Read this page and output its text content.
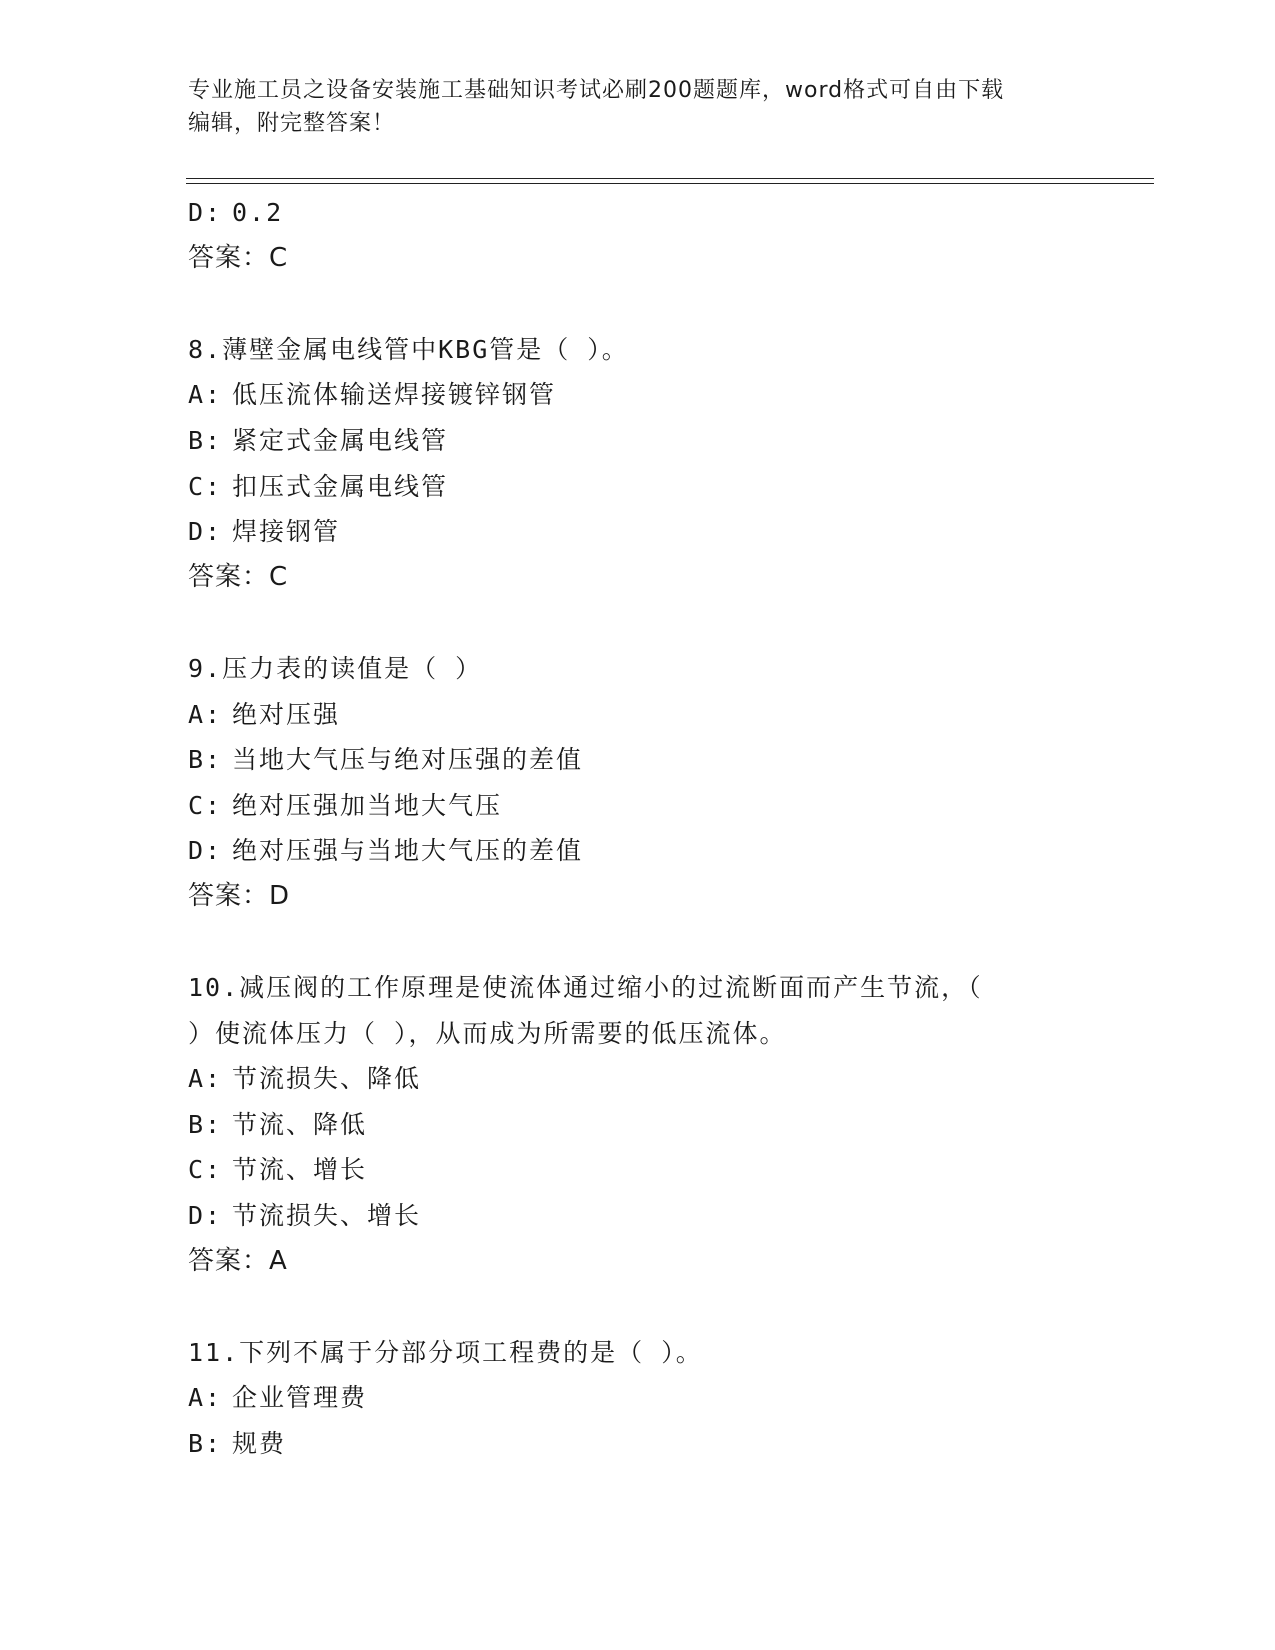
专业施工员之设备安装施工基础知识考试必刷200题题库，word格式可自由下载
编辑，附完整答案！
D: 0.2
答案：C
8.薄壁金属电线管中KBG管是（ ）。
A: 低压流体输送焊接镀锌钢管
B: 紧定式金属电线管
C: 扣压式金属电线管
D: 焊接钢管
答案：C
9.压力表的读值是（ ）
A: 绝对压强
B: 当地大气压与绝对压强的差值
C: 绝对压强加当地大气压
D: 绝对压强与当地大气压的差值
答案：D
10.减压阀的工作原理是使流体通过缩小的过流断面而产生节流，（
）使流体压力（ ），从而成为所需要的低压流体。
A: 节流损失、降低
B: 节流、降低
C: 节流、增长
D: 节流损失、增长
答案：A
11.下列不属于分部分项工程费的是（ ）。
A: 企业管理费
B: 规费
